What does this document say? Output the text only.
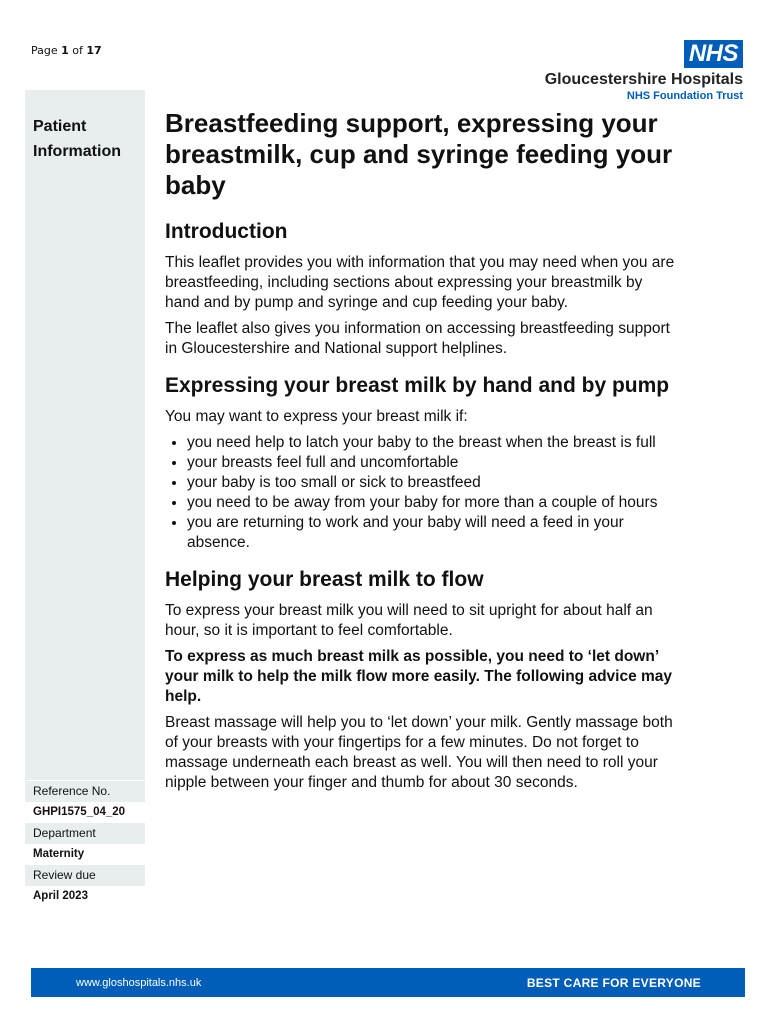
Page 1 of 17	NHS
Gloucestershire Hospitals
NHS Foundation Trust
Patient
Information
Reference No.
GHPI1575_04_20
Department
Maternity
Review due
April 2023
Breastfeeding support, expressing your breastmilk, cup and syringe feeding your baby
Introduction

This leaflet provides you with information that you may need when you are breastfeeding, including sections about expressing your breastmilk by hand and by pump and syringe and cup feeding your baby.

The leaflet also gives you information on accessing breastfeeding support in Gloucestershire and National support helplines.

Expressing your breast milk by hand and by pump

You may want to express your breast milk if:

• you need help to latch your baby to the breast when the breast is full
• your breasts feel full and uncomfortable
• your baby is too small or sick to breastfeed
• you need to be away from your baby for more than a couple of hours
• you are returning to work and your baby will need a feed in your absence.
Helping your breast milk to flow

To express your breast milk you will need to sit upright for about half an hour, so it is important to feel comfortable.

To express as much breast milk as possible, you need to ‘let down’ your milk to help the milk flow more easily. The following advice may help.

Breast massage will help you to ‘let down’ your milk. Gently massage both of your breasts with your fingertips for a few minutes. Do not forget to massage underneath each breast as well. You will then need to roll your nipple between your finger and thumb for about 30 seconds.

www.gloshospitals.nhs.uk	BEST CARE FOR EVERYONE
